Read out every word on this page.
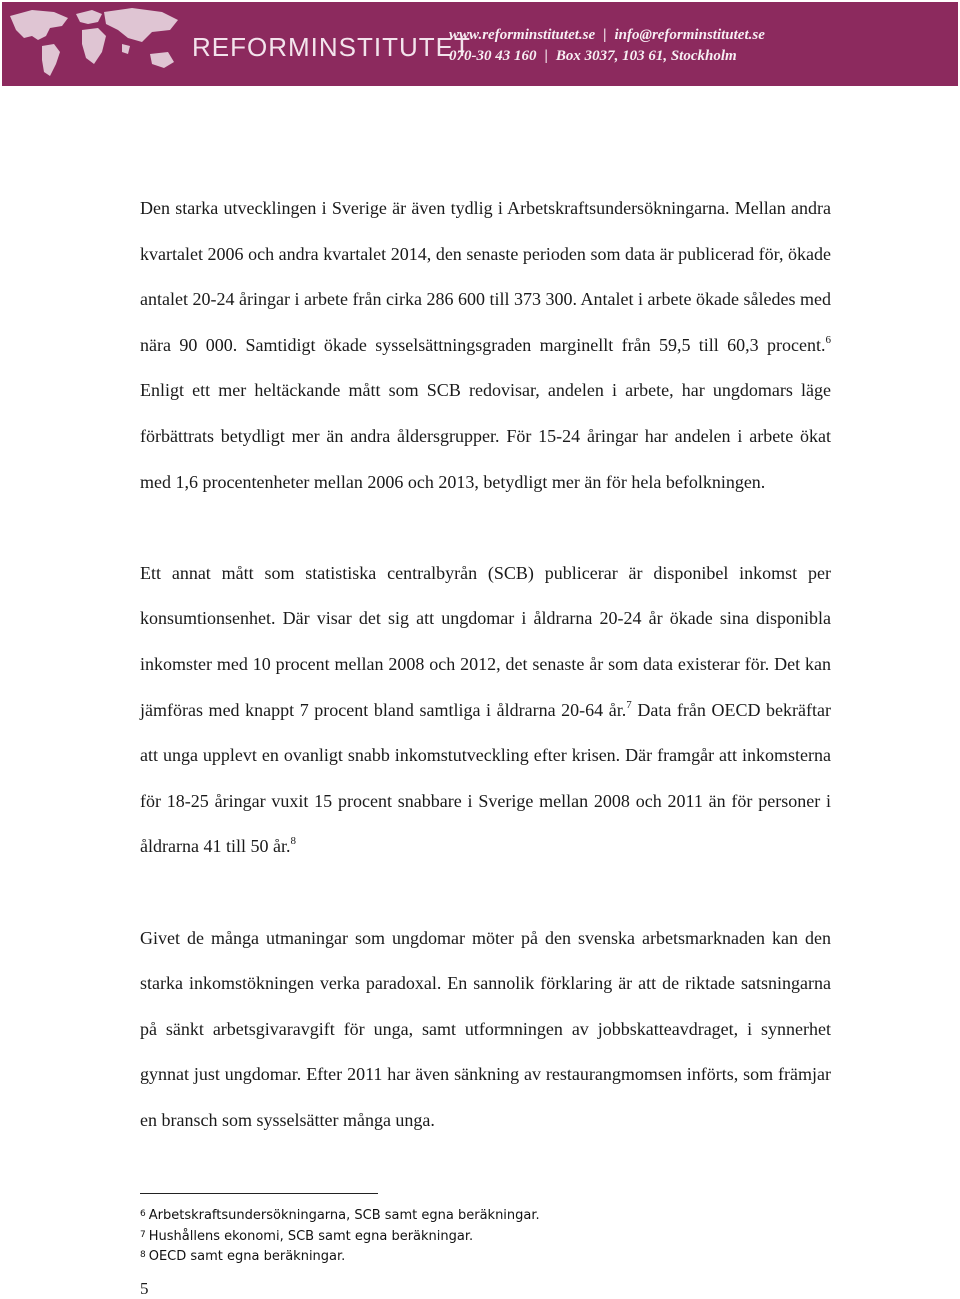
REFORMINSTITUTET
www.reforminstitutet.se | info@reforminstitutet.se
070-30 43 160 | Box 3037, 103 61, Stockholm

Den starka utvecklingen i Sverige är även tydlig i Arbetskraftsundersökningarna. Mellan andra kvartalet 2006 och andra kvartalet 2014, den senaste perioden som data är publicerad för, ökade antalet 20-24 åringar i arbete från cirka 286 600 till 373 300. Antalet i arbete ökade således med nära 90 000. Samtidigt ökade sysselsättningsgraden marginellt från 59,5 till 60,3 procent.$^6$ Enligt ett mer heltäckande mått som SCB redovisar, andelen i arbete, har ungdomars läge förbättrats betydligt mer än andra åldersgrupper. För 15-24 åringar har andelen i arbete ökat med 1,6 procentenheter mellan 2006 och 2013, betydligt mer än för hela befolkningen.

Ett annat mått som statistiska centralbyrån (SCB) publicerar är disponibel inkomst per konsumtionsenhet. Där visar det sig att ungdomar i åldrarna 20-24 år ökade sina disponibla inkomster med 10 procent mellan 2008 och 2012, det senaste år som data existerar för. Det kan jämföras med knappt 7 procent bland samtliga i åldrarna 20-64 år.$^7$ Data från OECD bekräftar att unga upplevt en ovanligt snabb inkomstutveckling efter krisen. Där framgår att inkomsterna för 18-25 åringar vuxit 15 procent snabbare i Sverige mellan 2008 och 2011 än för personer i åldrarna 41 till 50 år.$^8$

Givet de många utmaningar som ungdomar möter på den svenska arbetsmarknaden kan den starka inkomstökningen verka paradoxal. En sannolik förklaring är att de riktade satsningarna på sänkt arbetsgivaravgift för unga, samt utformningen av jobbskatteavdraget, i synnerhet gynnat just ungdomar. Efter 2011 har även sänkning av restaurangmomsen införts, som främjar en bransch som sysselsätter många unga.

$^6$ Arbetskraftsundersökningarna, SCB samt egna beräkningar.
$^7$ Hushållens ekonomi, SCB samt egna beräkningar.
$^8$ OECD samt egna beräkningar.
5
